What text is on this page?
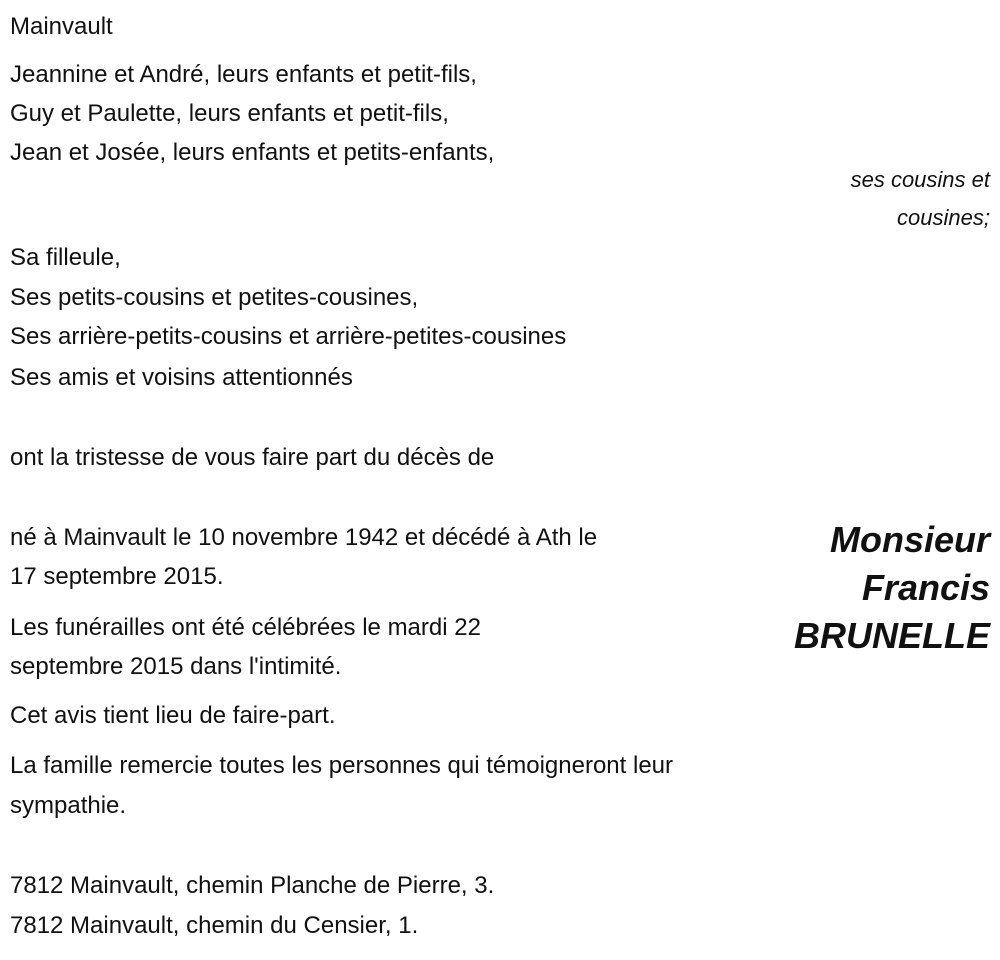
Mainvault
Jeannine et André, leurs enfants et petit-fils,
Guy et Paulette, leurs enfants et petit-fils,
Jean et Josée, leurs enfants et petits-enfants,
ses cousins et
cousines;
Sa filleule,
Ses petits-cousins et petites-cousines,
Ses arrière-petits-cousins et arrière-petites-cousines
Ses amis et voisins attentionnés
ont la tristesse de vous faire part du décès de
Monsieur
Francis
BRUNELLE
né à Mainvault le 10 novembre 1942 et décédé à Ath le
17 septembre 2015.
Les funérailles ont été célébrées le mardi 22
septembre 2015 dans l'intimité.
Cet avis tient lieu de faire-part.
La famille remercie toutes les personnes qui témoigneront leur
sympathie.
7812 Mainvault, chemin Planche de Pierre, 3.
7812 Mainvault, chemin du Censier, 1.
